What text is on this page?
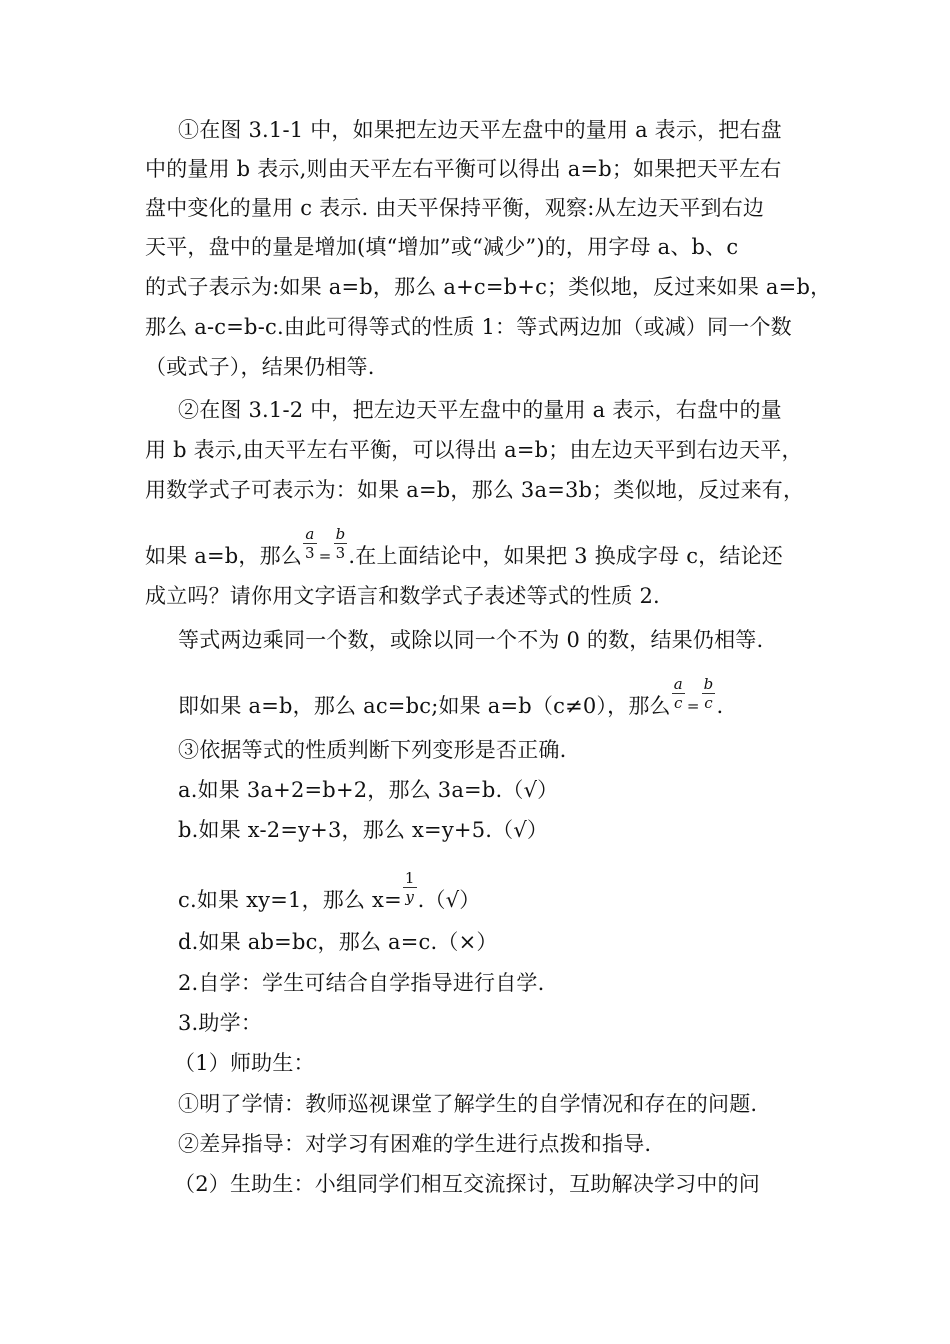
①在图 3.1-1 中，如果把左边天平左盘中的量用 a 表示，把右盘
中的量用 b 表示,则由天平左右平衡可以得出 a=b；如果把天平左右
盘中变化的量用 c 表示. 由天平保持平衡，观察:从左边天平到右边
天平，盘中的量是增加(填“增加”或“减少”)的，用字母 a、b、c
的式子表示为:如果 a=b，那么 a+c=b+c；类似地，反过来如果 a=b，
那么 a-c=b-c.由此可得等式的性质 1：等式两边加（或减）同一个数
（或式子），结果仍相等.
②在图 3.1-2 中，把左边天平左盘中的量用 a 表示，右盘中的量
用 b 表示,由天平左右平衡，可以得出 a=b；由左边天平到右边天平，
用数学式子可表示为：如果 a=b，那么 3a=3b；类似地，反过来有，
如果 a=b，那么 $\frac{a}{3} = \frac{b}{3}$ .在上面结论中，如果把 3 换成字母 c，结论还
成立吗？请你用文字语言和数学式子表述等式的性质 2.
等式两边乘同一个数，或除以同一个不为 0 的数，结果仍相等.
即如果 a=b，那么 ac=bc;如果 a=b（c≠0），那么 $\frac{a}{c} = \frac{b}{c}$ .
③依据等式的性质判断下列变形是否正确.
a.如果 3a+2=b+2，那么 3a=b.（√）
b.如果 x-2=y+3，那么 x=y+5.（√）
c.如果 xy=1，那么 $x= \frac{1}{y}$ .（√）
d.如果 ab=bc，那么 a=c.（×）
2.自学：学生可结合自学指导进行自学.
3.助学：
（1）师助生：
①明了学情：教师巡视课堂了解学生的自学情况和存在的问题.
②差异指导：对学习有困难的学生进行点拨和指导.
（2）生助生：小组同学们相互交流探讨，互助解决学习中的问
